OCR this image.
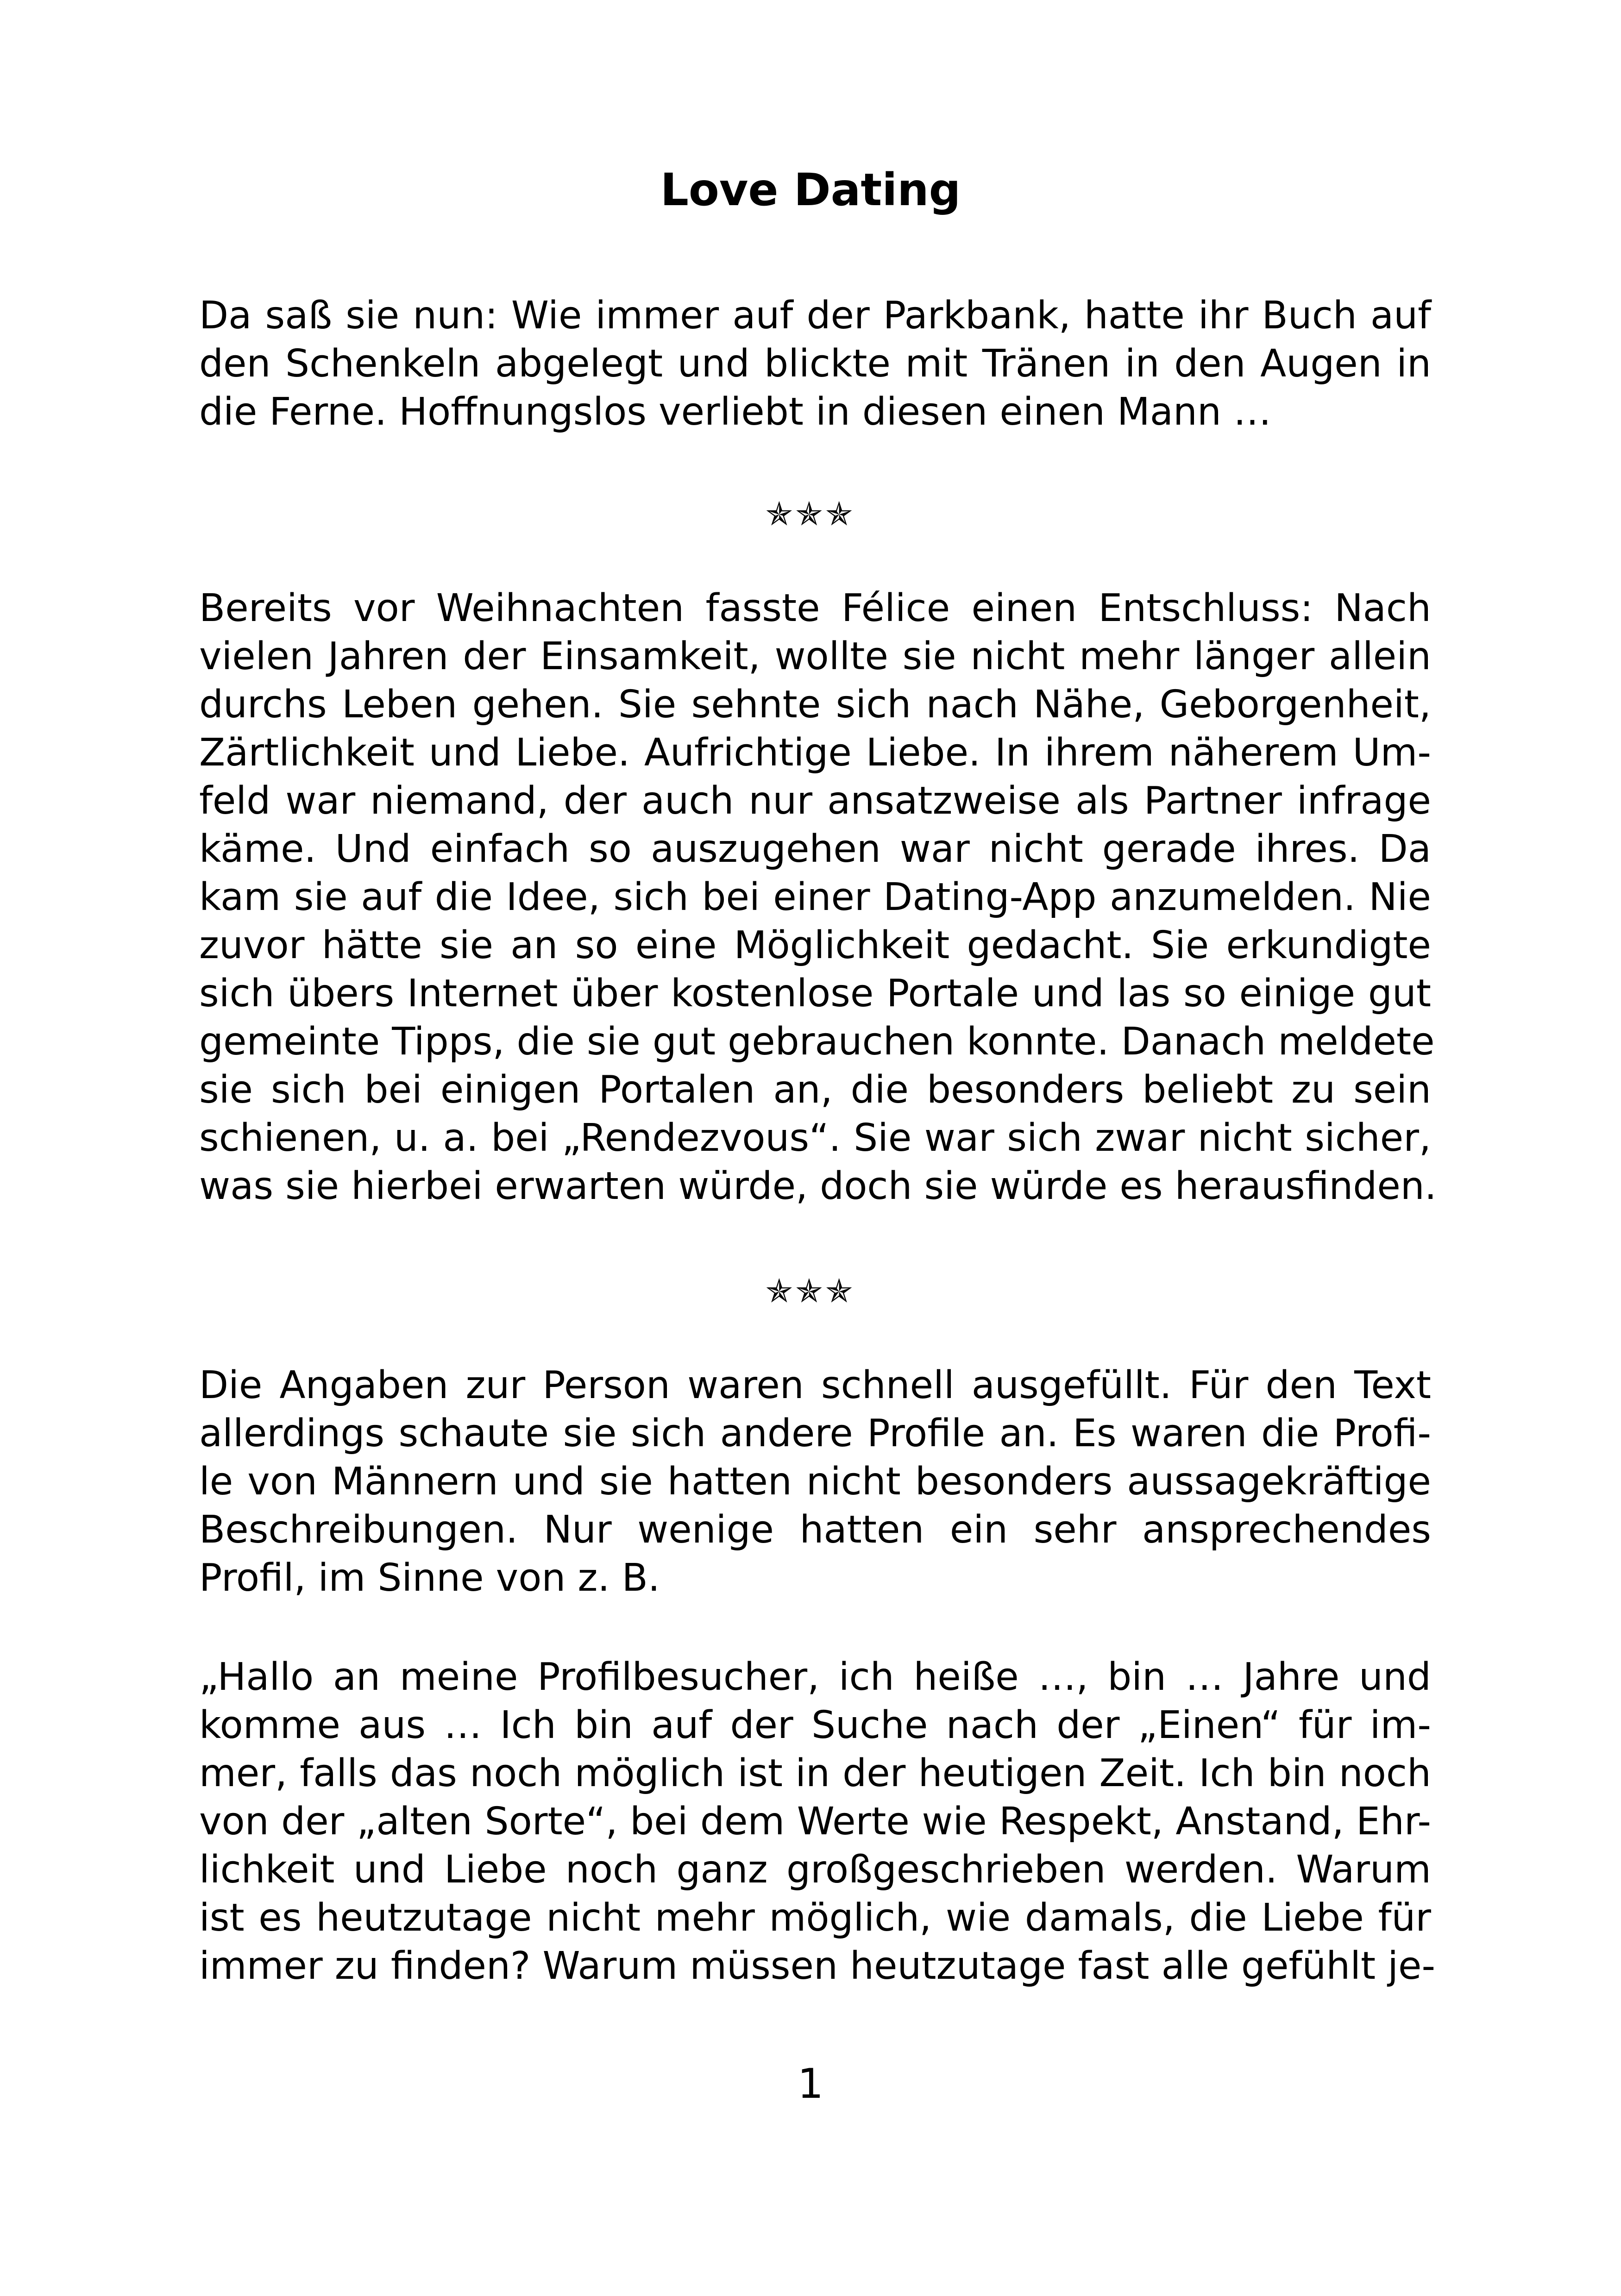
Love Dating
Da saß sie nun: Wie immer auf der Parkbank, hatte ihr Buch auf
den Schenkeln abgelegt und blickte mit Tränen in den Augen in
die Ferne. Hoffnungslos verliebt in diesen einen Mann …
✯✯✯
Bereits vor Weihnachten fasste Félice einen Entschluss: Nach
vielen Jahren der Einsamkeit, wollte sie nicht mehr länger allein
durchs Leben gehen. Sie sehnte sich nach Nähe, Geborgenheit,
Zärtlichkeit und Liebe. Aufrichtige Liebe. In ihrem näherem Um-
feld war niemand, der auch nur ansatzweise als Partner infrage
käme. Und einfach so auszugehen war nicht gerade ihres. Da
kam sie auf die Idee, sich bei einer Dating-App anzumelden. Nie
zuvor hätte sie an so eine Möglichkeit gedacht. Sie erkundigte
sich übers Internet über kostenlose Portale und las so einige gut
gemeinte Tipps, die sie gut gebrauchen konnte. Danach meldete
sie sich bei einigen Portalen an, die besonders beliebt zu sein
schienen, u. a. bei „Rendezvous“. Sie war sich zwar nicht sicher,
was sie hierbei erwarten würde, doch sie würde es herausfinden.
✯✯✯
Die Angaben zur Person waren schnell ausgefüllt. Für den Text
allerdings schaute sie sich andere Profile an. Es waren die Profi-
le von Männern und sie hatten nicht besonders aussagekräftige
Beschreibungen. Nur wenige hatten ein sehr ansprechendes
Profil, im Sinne von z. B.
„Hallo an meine Profilbesucher, ich heiße …, bin … Jahre und
komme aus … Ich bin auf der Suche nach der „Einen“ für im-
mer, falls das noch möglich ist in der heutigen Zeit. Ich bin noch
von der „alten Sorte“, bei dem Werte wie Respekt, Anstand, Ehr-
lichkeit und Liebe noch ganz großgeschrieben werden. Warum
ist es heutzutage nicht mehr möglich, wie damals, die Liebe für
immer zu finden? Warum müssen heutzutage fast alle gefühlt je-
1
